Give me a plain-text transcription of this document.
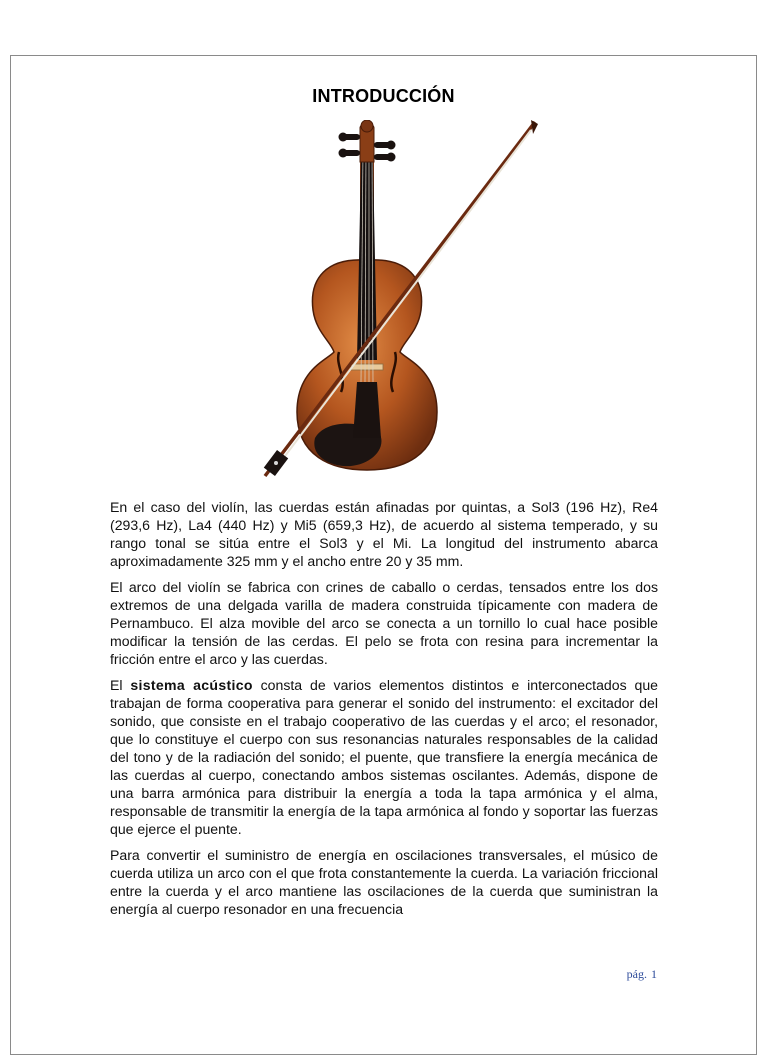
INTRODUCCIÓN

En el caso del violín, las cuerdas están afinadas por quintas, a Sol3 (196 Hz), Re4 (293,6 Hz), La4 (440 Hz) y Mi5 (659,3 Hz), de acuerdo al sistema temperado, y su rango tonal se sitúa entre el Sol3 y el Mi. La longitud del instrumento abarca aproximadamente 325 mm y el ancho entre 20 y 35 mm.

El arco del violín se fabrica con crines de caballo o cerdas, tensados entre los dos extremos de una delgada varilla de madera construida típicamente con madera de Pernambuco. El alza movible del arco se conecta a un tornillo lo cual hace posible modificar la tensión de las cerdas. El pelo se frota con resina para incrementar la fricción entre el arco y las cuerdas.

El sistema acústico consta de varios elementos distintos e interconectados que trabajan de forma cooperativa para generar el sonido del instrumento: el excitador del sonido, que consiste en el trabajo cooperativo de las cuerdas y el arco; el resonador, que lo constituye el cuerpo con sus resonancias naturales responsables de la calidad del tono y de la radiación del sonido; el puente, que transfiere la energía mecánica de las cuerdas al cuerpo, conectando ambos sistemas oscilantes. Además, dispone de una barra armónica para distribuir la energía a toda la tapa armónica y el alma, responsable de transmitir la energía de la tapa armónica al fondo y soportar las fuerzas que ejerce el puente.

Para convertir el suministro de energía en oscilaciones transversales, el músico de cuerda utiliza un arco con el que frota constantemente la cuerda. La variación friccional entre la cuerda y el arco mantiene las oscilaciones de la cuerda que suministran la energía al cuerpo resonador en una frecuencia

pág. 1
